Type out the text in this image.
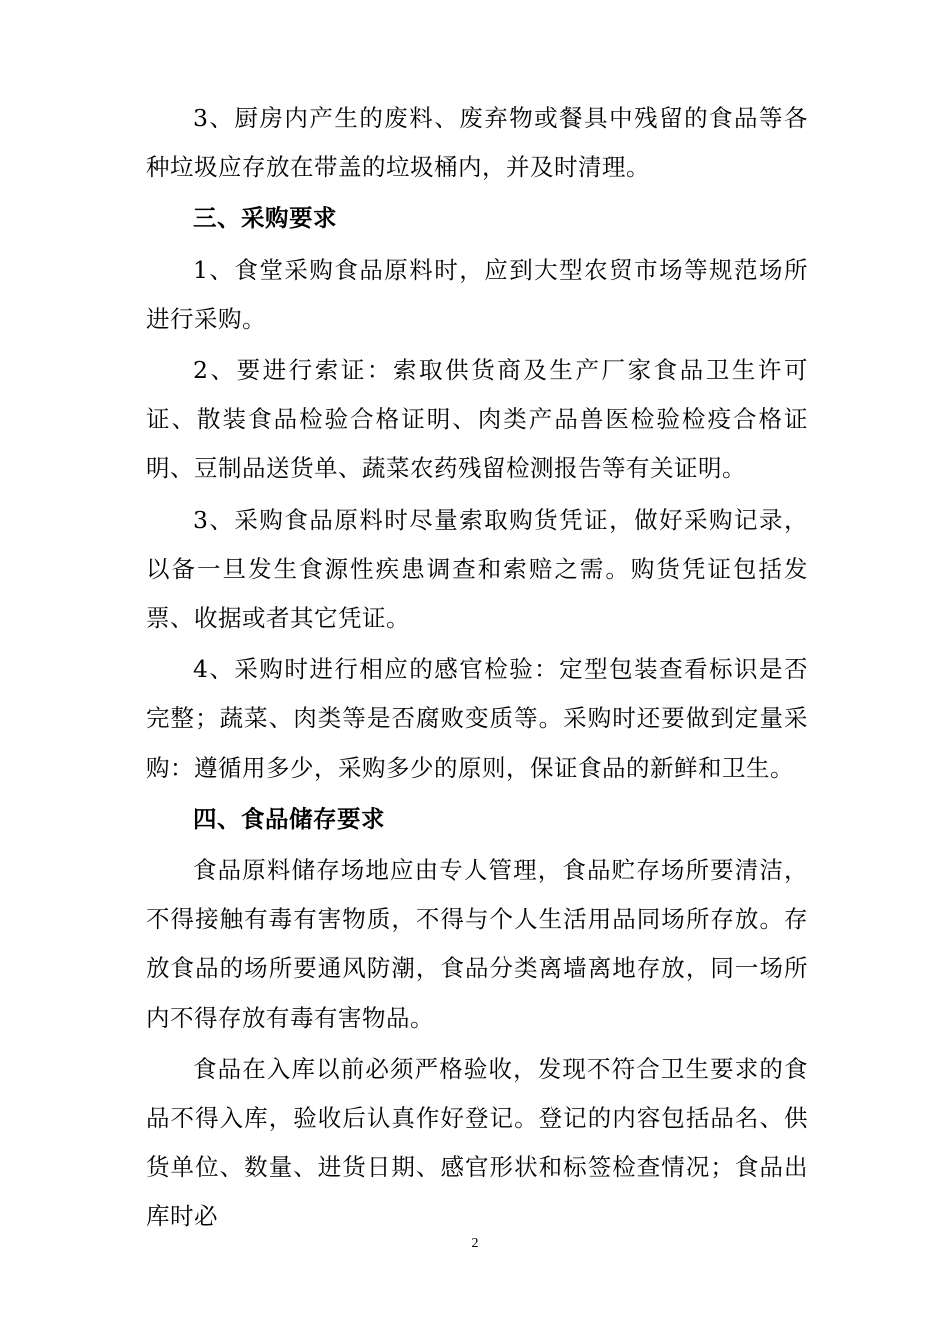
3、厨房内产生的废料、废弃物或餐具中残留的食品等各种垃圾应存放在带盖的垃圾桶内，并及时清理。

三、采购要求

1、食堂采购食品原料时，应到大型农贸市场等规范场所进行采购。

2、要进行索证：索取供货商及生产厂家食品卫生许可证、散装食品检验合格证明、肉类产品兽医检验检疫合格证明、豆制品送货单、蔬菜农药残留检测报告等有关证明。

3、采购食品原料时尽量索取购货凭证，做好采购记录，以备一旦发生食源性疾患调查和索赔之需。购货凭证包括发票、收据或者其它凭证。

4、采购时进行相应的感官检验：定型包装查看标识是否完整；蔬菜、肉类等是否腐败变质等。采购时还要做到定量采购：遵循用多少，采购多少的原则，保证食品的新鲜和卫生。

四、食品储存要求

食品原料储存场地应由专人管理，食品贮存场所要清洁，不得接触有毒有害物质，不得与个人生活用品同场所存放。存放食品的场所要通风防潮，食品分类离墙离地存放，同一场所内不得存放有毒有害物品。

食品在入库以前必须严格验收，发现不符合卫生要求的食品不得入库，验收后认真作好登记。登记的内容包括品名、供货单位、数量、进货日期、感官形状和标签检查情况；食品出库时必

2
